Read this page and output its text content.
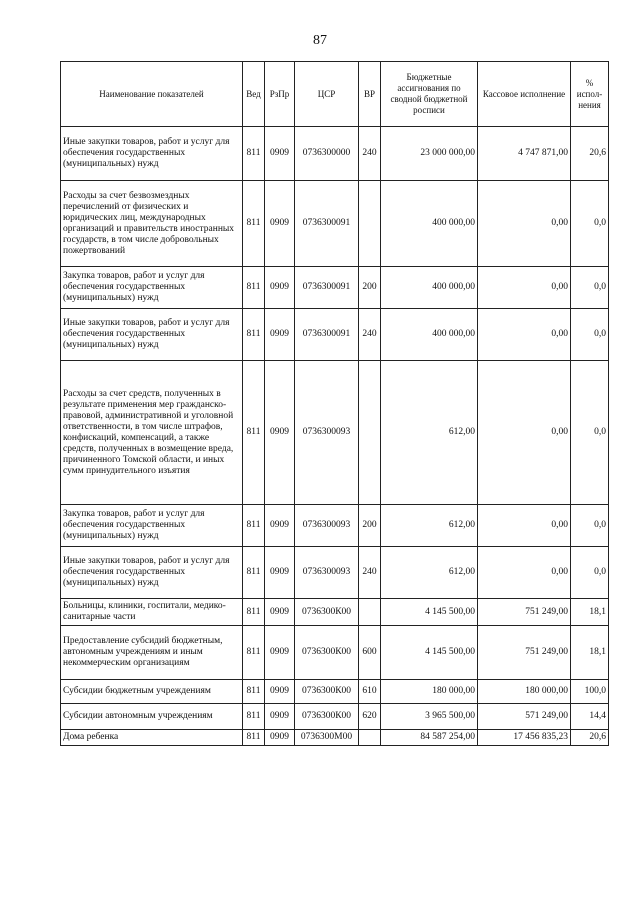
87
Наименование показателей	Вед	РзПр	ЦСР	ВР	Бюджетные ассигнования по сводной бюджетной росписи	Кассовое исполнение	% испол- нения
Иные закупки товаров, работ и услуг для обеспечения государственных (муниципальных) нужд	811	0909	0736300000	240	23 000 000,00	4 747 871,00	20,6
Расходы за счет безвозмездных перечислений от физических и юридических лиц, международных организаций и правительств иностранных государств, в том числе добровольных пожертвований	811	0909	0736300091		400 000,00	0,00	0,0
Закупка товаров, работ и услуг для обеспечения государственных (муниципальных) нужд	811	0909	0736300091	200	400 000,00	0,00	0,0
Иные закупки товаров, работ и услуг для обеспечения государственных (муниципальных) нужд	811	0909	0736300091	240	400 000,00	0,00	0,0
Расходы за счет средств, полученных в результате применения мер гражданско-правовой, административной и уголовной ответственности, в том числе штрафов, конфискаций, компенсаций, а также средств, полученных в возмещение вреда, причиненного Томской области, и иных сумм принудительного изъятия	811	0909	0736300093		612,00	0,00	0,0
Закупка товаров, работ и услуг для обеспечения государственных (муниципальных) нужд	811	0909	0736300093	200	612,00	0,00	0,0
Иные закупки товаров, работ и услуг для обеспечения государственных (муниципальных) нужд	811	0909	0736300093	240	612,00	0,00	0,0
Больницы, клиники, госпитали, медико-санитарные части	811	0909	0736300К00		4 145 500,00	751 249,00	18,1
Предоставление субсидий бюджетным, автономным учреждениям и иным некоммерческим организациям	811	0909	0736300К00	600	4 145 500,00	751 249,00	18,1
Субсидии бюджетным учреждениям	811	0909	0736300К00	610	180 000,00	180 000,00	100,0
Субсидии автономным учреждениям	811	0909	0736300К00	620	3 965 500,00	571 249,00	14,4
Дома ребенка	811	0909	0736300М00		84 587 254,00	17 456 835,23	20,6
